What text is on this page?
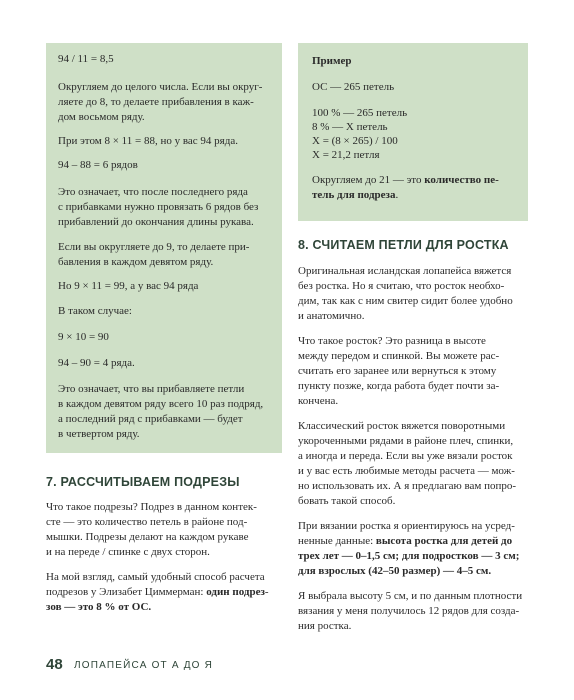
94 / 11 = 8,5
Округляем до целого числа. Если вы округ-
ляете до 8, то делаете прибавления в каж-
дом восьмом ряду.
При этом 8 × 11 = 88, но у вас 94 ряда.
94 – 88 = 6 рядов
Это означает, что после последнего ряда
с прибавками нужно провязать 6 рядов без
прибавлений до окончания длины рукава.
Если вы округляете до 9, то делаете при-
бавления в каждом девятом ряду.
Но 9 × 11 = 99, а у вас 94 ряда
В таком случае:
9 × 10 = 90
94 – 90 = 4 ряда.
Это означает, что вы прибавляете петли
в каждом девятом ряду всего 10 раз подряд,
а последний ряд с прибавками — будет
в четвертом ряду.
7. РАССЧИТЫВАЕМ ПОДРЕЗЫ
Что такое подрезы? Подрез в данном контек-
сте — это количество петель в районе под-
мышки. Подрезы делают на каждом рукаве
и на переде / спинке с двух сторон.
На мой взгляд, самый удобный способ расчета
подрезов у Элизабет Циммерман: один подрез-
зов — это 8 % от ОС.
Пример
ОС — 265 петель
100 % — 265 петель
8 % — Х петель
Х = (8 × 265) / 100
Х = 21,2 петля
Округляем до 21 — это количество пе-
тель для подреза.
8. СЧИТАЕМ ПЕТЛИ ДЛЯ РОСТКА
Оригинальная исландская лопапейса вяжется
без ростка. Но я считаю, что росток необхо-
дим, так как с ним свитер сидит более удобно
и анатомично.
Что такое росток? Это разница в высоте
между передом и спинкой. Вы можете рас-
считать его заранее или вернуться к этому
пункту позже, когда работа будет почти за-
кончена.
Классический росток вяжется поворотными
укороченными рядами в районе плеч, спинки,
а иногда и переда. Если вы уже вязали росток
и у вас есть любимые методы расчета — мож-
но использовать их. А я предлагаю вам попро-
бовать такой способ.
При вязании ростка я ориентируюсь на усред-
ненные данные: высота ростка для детей до
трех лет — 0–1,5 см; для подростков — 3 см;
для взрослых (42–50 размер) — 4–5 см.
Я выбрала высоту 5 см, и по данным плотности
вязания у меня получилось 12 рядов для созда-
ния ростка.
48 ЛОПАПЕЙСА ОТ А ДО Я
